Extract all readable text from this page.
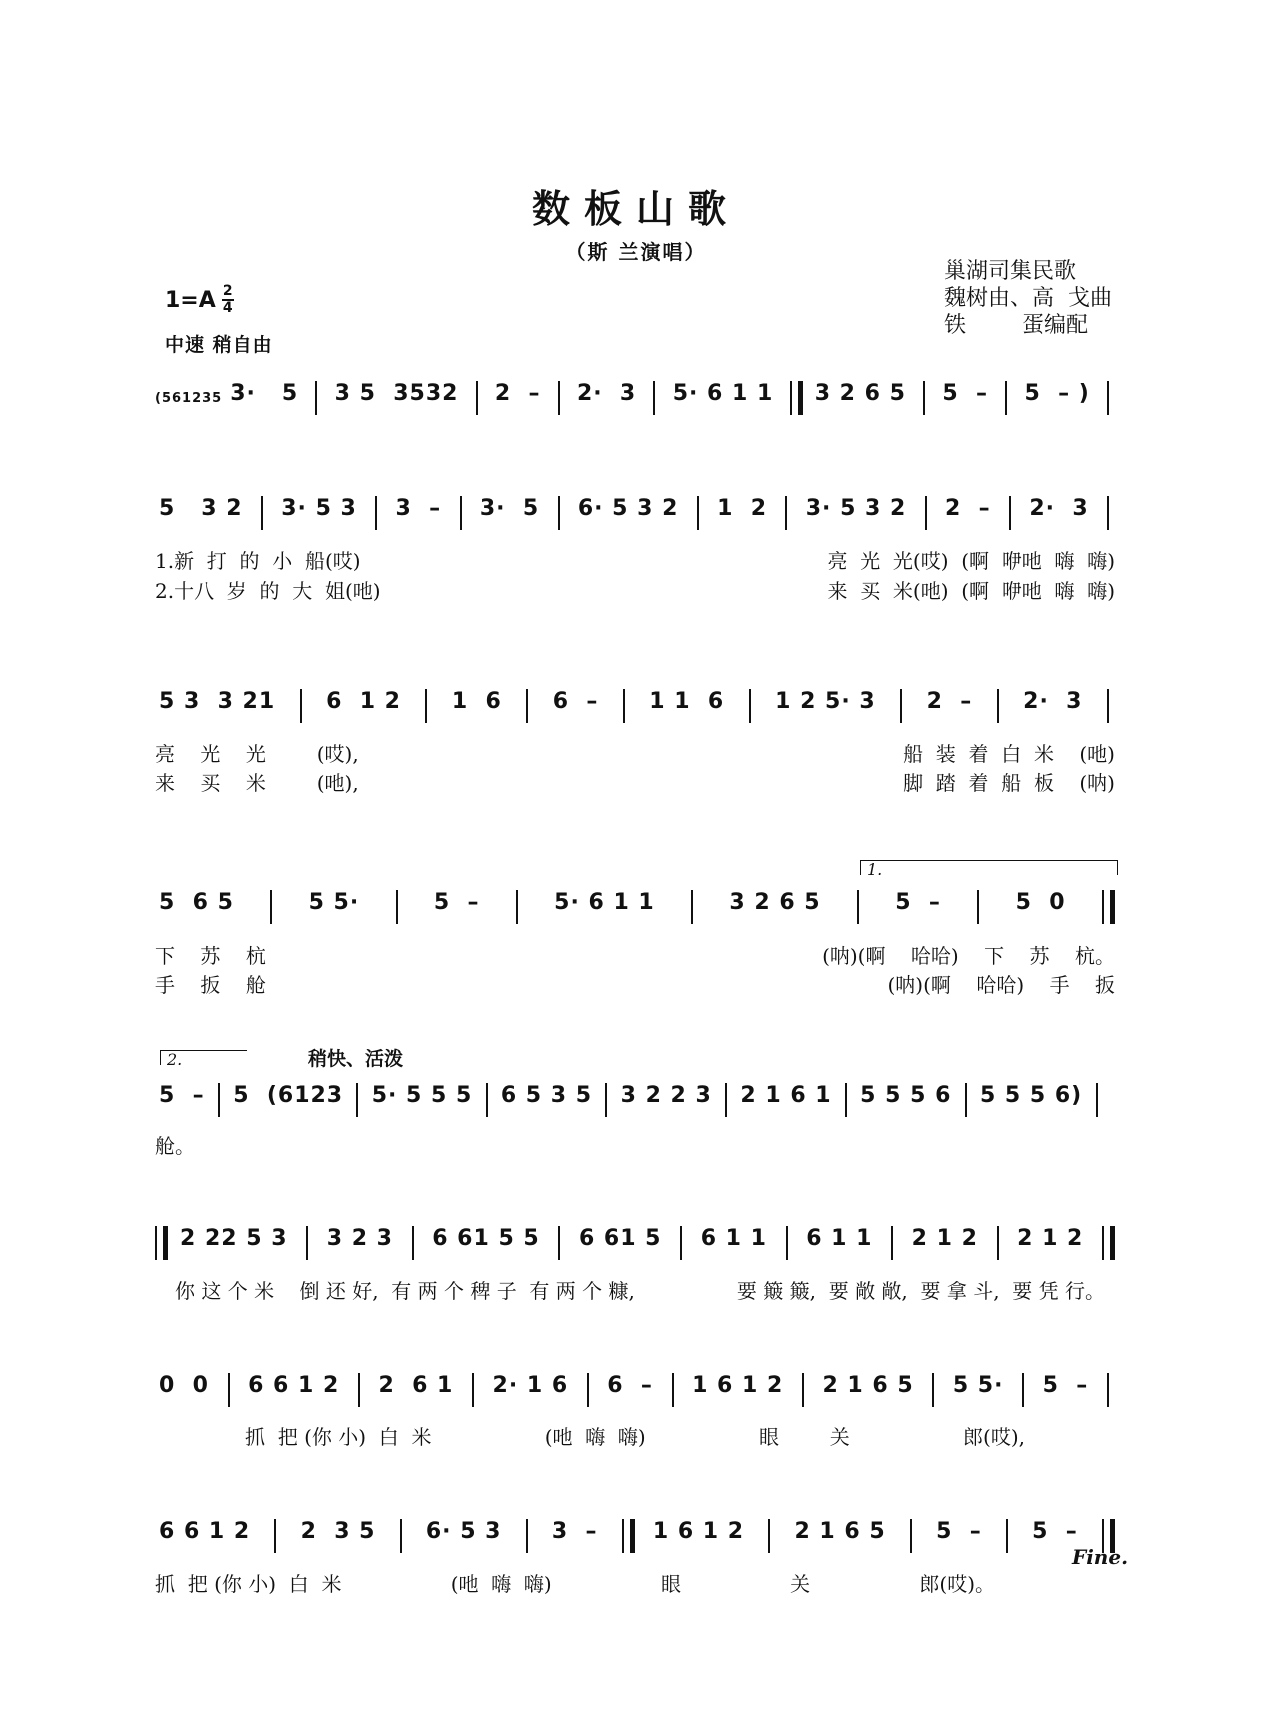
数板山歌
（斯 兰演唱）
巢湖司集民歌
魏树由、高  戈曲
铁        蛋编配
1=A 2
4
中速 稍自由
(561235 3·   5 3 5  3532 2  – 2·  3 5· 6 1 1 3 2 6 5 5  – 5  – )
5   3 2 3· 5 3 3  – 3·  5 6· 5 3 2 1  2 3· 5 3 2 2  – 2·  3
1.新  打  的  小  船(哎)	亮  光  光(哎)  (啊  咿吔  嗨  嗨)
2.十八  岁  的  大  姐(吔)	来  买  米(吔)  (啊  咿吔  嗨  嗨)
5 3  3 21 6  1 2 1  6 6  – 1 1  6 1 2 5· 3 2  – 2·  3
亮    光    光        (哎),	船  装  着  白  米    (吔)
来    买    米        (吔),	脚  踏  着  船  板    (呐)
1.
5  6 5	5 5·	5  –	5· 6 1 1	3 2 6 5	5  –	5  0
下    苏    杭	(呐)(啊    哈哈)    下    苏    杭。
手    扳    舱	(呐)(啊    哈哈)    手    扳
2.	稍快、活泼
5  – 5  (6123 5· 5 5 5 6 5 3 5 3 2 2 3 2 1 6 1 5 5 5 6 5 5 5 6)
舱。
2 22 5 3 3 2 3 6 61 5 5 6 61 5 6 1 1 6 1 1 2 1 2 2 1 2
你 这 个 米    倒 还 好,  有 两 个 稗 子  有 两 个 糠,	要 簸 簸,  要 敞 敞,  要 拿 斗,  要 凭 行。
0  0 6 6 1 2 2  6 1 2· 1 6 6  – 1 6 1 2 2 1 6 5 5 5· 5  –
抓  把 (你 小)  白  米	(吔  嗨  嗨)	眼        关	郎(哎),
6 6 1 2 2  3 5 6· 5 3 3  –	1 6 1 2 2 1 6 5 5  – 5  –
抓  把 (你 小)  白  米	(吔  嗨  嗨)	眼	关	郎(哎)。
Fine.
